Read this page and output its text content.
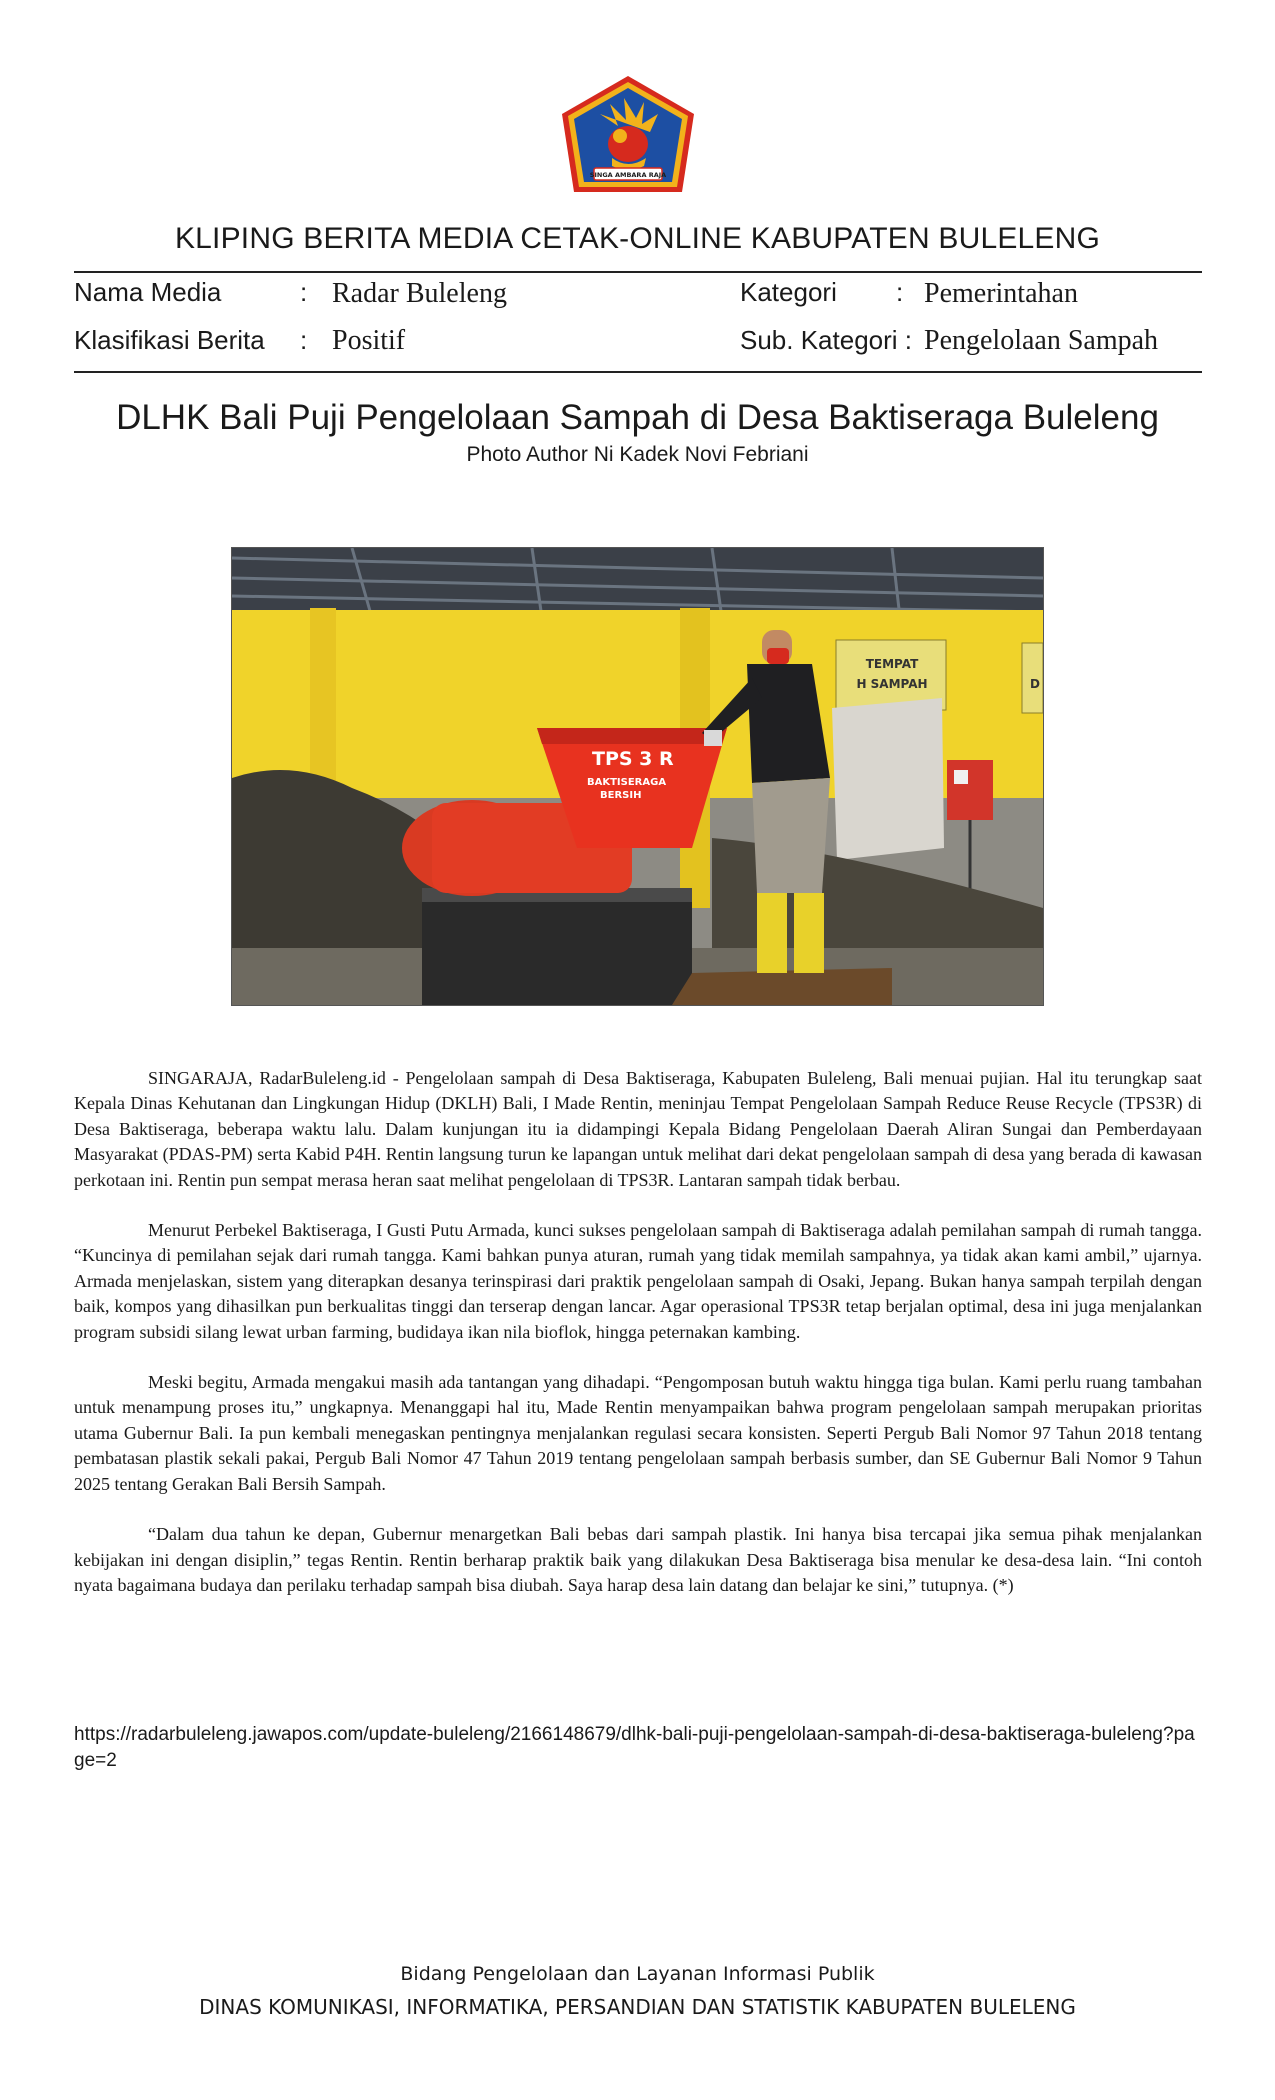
SINGA AMBARA RAJA
KLIPING BERITA MEDIA CETAK-ONLINE KABUPATEN BULELENG
Nama Media	: Radar Buleleng	Kategori : Pemerintahan
Klasifikasi Berita : Positif	Sub. Kategori : Pengelolaan Sampah
DLHK Bali Puji Pengelolaan Sampah di Desa Baktiseraga Buleleng
Photo Author Ni Kadek Novi Febriani
TEMPAT
H SAMPAH	D
TPS 3 R
BAKTISERAGA
BERSIH

SINGARAJA, RadarBuleleng.id - Pengelolaan sampah di Desa Baktiseraga, Kabupaten Buleleng, Bali menuai pujian. Hal itu terungkap saat Kepala Dinas Kehutanan dan Lingkungan Hidup (DKLH) Bali, I Made Rentin, meninjau Tempat Pengelolaan Sampah Reduce Reuse Recycle (TPS3R) di Desa Baktiseraga, beberapa waktu lalu. Dalam kunjungan itu ia didampingi Kepala Bidang Pengelolaan Daerah Aliran Sungai dan Pemberdayaan Masyarakat (PDAS-PM) serta Kabid P4H. Rentin langsung turun ke lapangan untuk melihat dari dekat pengelolaan sampah di desa yang berada di kawasan perkotaan ini. Rentin pun sempat merasa heran saat melihat pengelolaan di TPS3R. Lantaran sampah tidak berbau.

Menurut Perbekel Baktiseraga, I Gusti Putu Armada, kunci sukses pengelolaan sampah di Baktiseraga adalah pemilahan sampah di rumah tangga. “Kuncinya di pemilahan sejak dari rumah tangga. Kami bahkan punya aturan, rumah yang tidak memilah sampahnya, ya tidak akan kami ambil,” ujarnya. Armada menjelaskan, sistem yang diterapkan desanya terinspirasi dari praktik pengelolaan sampah di Osaki, Jepang. Bukan hanya sampah terpilah dengan baik, kompos yang dihasilkan pun berkualitas tinggi dan terserap dengan lancar. Agar operasional TPS3R tetap berjalan optimal, desa ini juga menjalankan program subsidi silang lewat urban farming, budidaya ikan nila bioflok, hingga peternakan kambing.

Meski begitu, Armada mengakui masih ada tantangan yang dihadapi. “Pengomposan butuh waktu hingga tiga bulan. Kami perlu ruang tambahan untuk menampung proses itu,” ungkapnya. Menanggapi hal itu, Made Rentin menyampaikan bahwa program pengelolaan sampah merupakan prioritas utama Gubernur Bali. Ia pun kembali menegaskan pentingnya menjalankan regulasi secara konsisten. Seperti Pergub Bali Nomor 97 Tahun 2018 tentang pembatasan plastik sekali pakai, Pergub Bali Nomor 47 Tahun 2019 tentang pengelolaan sampah berbasis sumber, dan SE Gubernur Bali Nomor 9 Tahun 2025 tentang Gerakan Bali Bersih Sampah.

“Dalam dua tahun ke depan, Gubernur menargetkan Bali bebas dari sampah plastik. Ini hanya bisa tercapai jika semua pihak menjalankan kebijakan ini dengan disiplin,” tegas Rentin. Rentin berharap praktik baik yang dilakukan Desa Baktiseraga bisa menular ke desa-desa lain. “Ini contoh nyata bagaimana budaya dan perilaku terhadap sampah bisa diubah. Saya harap desa lain datang dan belajar ke sini,” tutupnya. (*)

https://radarbuleleng.jawapos.com/update-buleleng/2166148679/dlhk-bali-puji-pengelolaan-sampah-di-desa-baktiseraga-buleleng?page=2
Bidang Pengelolaan dan Layanan Informasi Publik
DINAS KOMUNIKASI, INFORMATIKA, PERSANDIAN DAN STATISTIK KABUPATEN BULELENG
